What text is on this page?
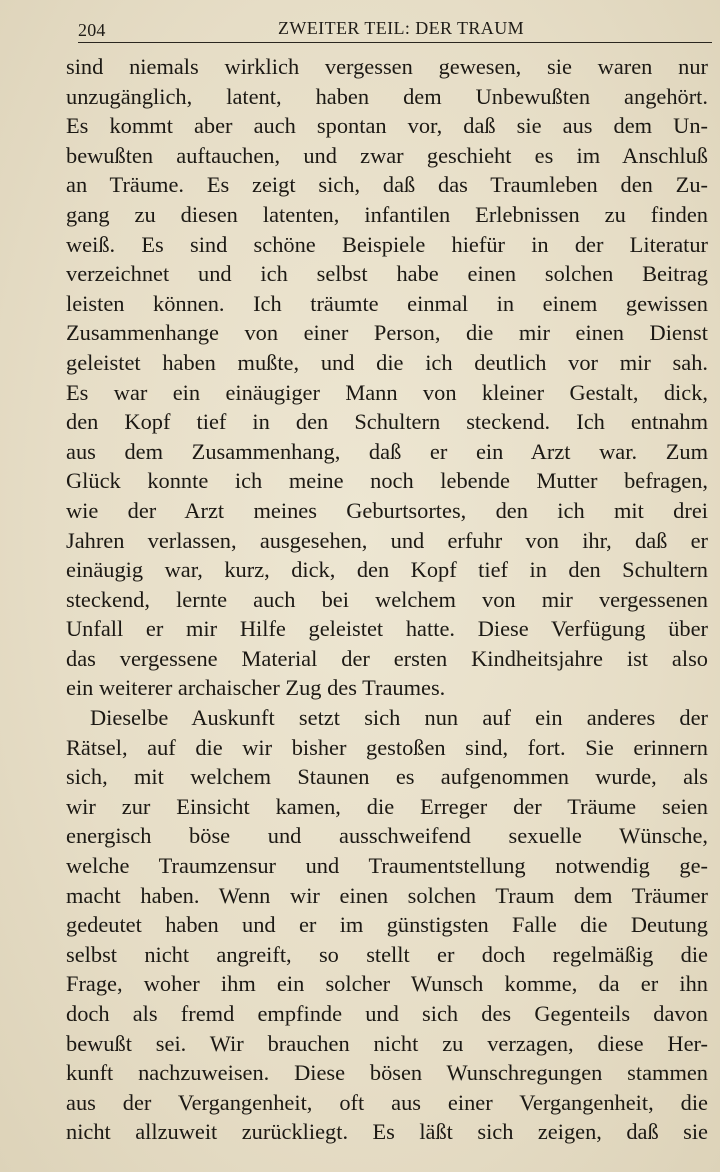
204	ZWEITER TEIL: DER TRAUM
sind niemals wirklich vergessen gewesen, sie waren nur
unzugänglich, latent, haben dem Unbewußten angehört.
Es kommt aber auch spontan vor, daß sie aus dem Un-
bewußten auftauchen, und zwar geschieht es im Anschluß
an Träume. Es zeigt sich, daß das Traumleben den Zu-
gang zu diesen latenten, infantilen Erlebnissen zu finden
weiß. Es sind schöne Beispiele hiefür in der Literatur
verzeichnet und ich selbst habe einen solchen Beitrag
leisten können. Ich träumte einmal in einem gewissen
Zusammenhange von einer Person, die mir einen Dienst
geleistet haben mußte, und die ich deutlich vor mir sah.
Es war ein einäugiger Mann von kleiner Gestalt, dick,
den Kopf tief in den Schultern steckend. Ich entnahm
aus dem Zusammenhang, daß er ein Arzt war. Zum
Glück konnte ich meine noch lebende Mutter befragen,
wie der Arzt meines Geburtsortes, den ich mit drei
Jahren verlassen, ausgesehen, und erfuhr von ihr, daß er
einäugig war, kurz, dick, den Kopf tief in den Schultern
steckend, lernte auch bei welchem von mir vergessenen
Unfall er mir Hilfe geleistet hatte. Diese Verfügung über
das vergessene Material der ersten Kindheitsjahre ist also
ein weiterer archaischer Zug des Traumes.
Dieselbe Auskunft setzt sich nun auf ein anderes der
Rätsel, auf die wir bisher gestoßen sind, fort. Sie erinnern
sich, mit welchem Staunen es aufgenommen wurde, als
wir zur Einsicht kamen, die Erreger der Träume seien
energisch böse und ausschweifend sexuelle Wünsche,
welche Traumzensur und Traumentstellung notwendig ge-
macht haben. Wenn wir einen solchen Traum dem Träumer
gedeutet haben und er im günstigsten Falle die Deutung
selbst nicht angreift, so stellt er doch regelmäßig die
Frage, woher ihm ein solcher Wunsch komme, da er ihn
doch als fremd empfinde und sich des Gegenteils davon
bewußt sei. Wir brauchen nicht zu verzagen, diese Her-
kunft nachzuweisen. Diese bösen Wunschregungen stammen
aus der Vergangenheit, oft aus einer Vergangenheit, die
nicht allzuweit zurückliegt. Es läßt sich zeigen, daß sie
